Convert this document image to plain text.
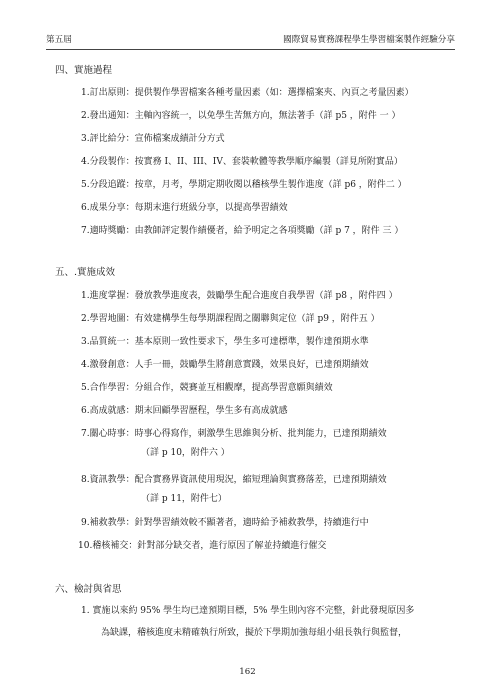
第五屆	國際貿易實務課程學生學習檔案製作經驗分享
四、實施過程
1.訂出原則：提供製作學習檔案各種考量因素（如：選擇檔案夾、內頁之考量因素）
2.發出通知：主軸內容統一，以免學生苦無方向，無法著手（詳 p5 ，附件 一 ）
3.評比給分：宣佈檔案成績計分方式
4.分段製作：按實務 I、II、III、IV、套裝軟體等教學順序編製（詳見所附實品）
5.分段追蹤：按章，月考，學期定期收閱以稽核學生製作進度（詳 p6 ，附件二 ）
6.成果分享：每期末進行班級分享，以提高學習績效
7.適時獎勵：由教師評定製作績優者，給予明定之各項獎勵（詳 p 7 ，附件 三 ）
五、.實施成效
1.進度掌握：發放教學進度表，鼓勵學生配合進度自我學習（詳 p8 ，附件四 ）
2.學習地圖：有效建構學生每學期課程間之關聯與定位（詳 p9 ，附件五 ）
3.品質統一：基本原則一致性要求下，學生多可達標準，製作達預期水準
4.激發創意：人手一冊，鼓勵學生將創意實踐，效果良好，已達預期績效
5.合作學習：分組合作，競賽並互相觀摩，提高學習意願與績效
6.高成就感：期末回顧學習歷程，學生多有高成就感
7.關心時事：時事心得寫作，刺激學生思維與分析、批判能力，已達預期績效
（詳 p 10，附件六 ）
8.資訊教學：配合實務界資訊使用現況，縮短理論與實務落差，已達預期績效
（詳 p 11，附件七）
9.補救教學：針對學習績效較不顯著者，適時給予補救教學，持續進行中
10.稽核補交：針對部分缺交者，進行原因了解並持續進行催交
六、檢討與省思
1. 實施以來約 95% 學生均已達預期目標，5% 學生則內容不完整，針此發現原因多
為缺課，稽核進度未精確執行所致，擬於下學期加強每組小組長執行與監督，
162
